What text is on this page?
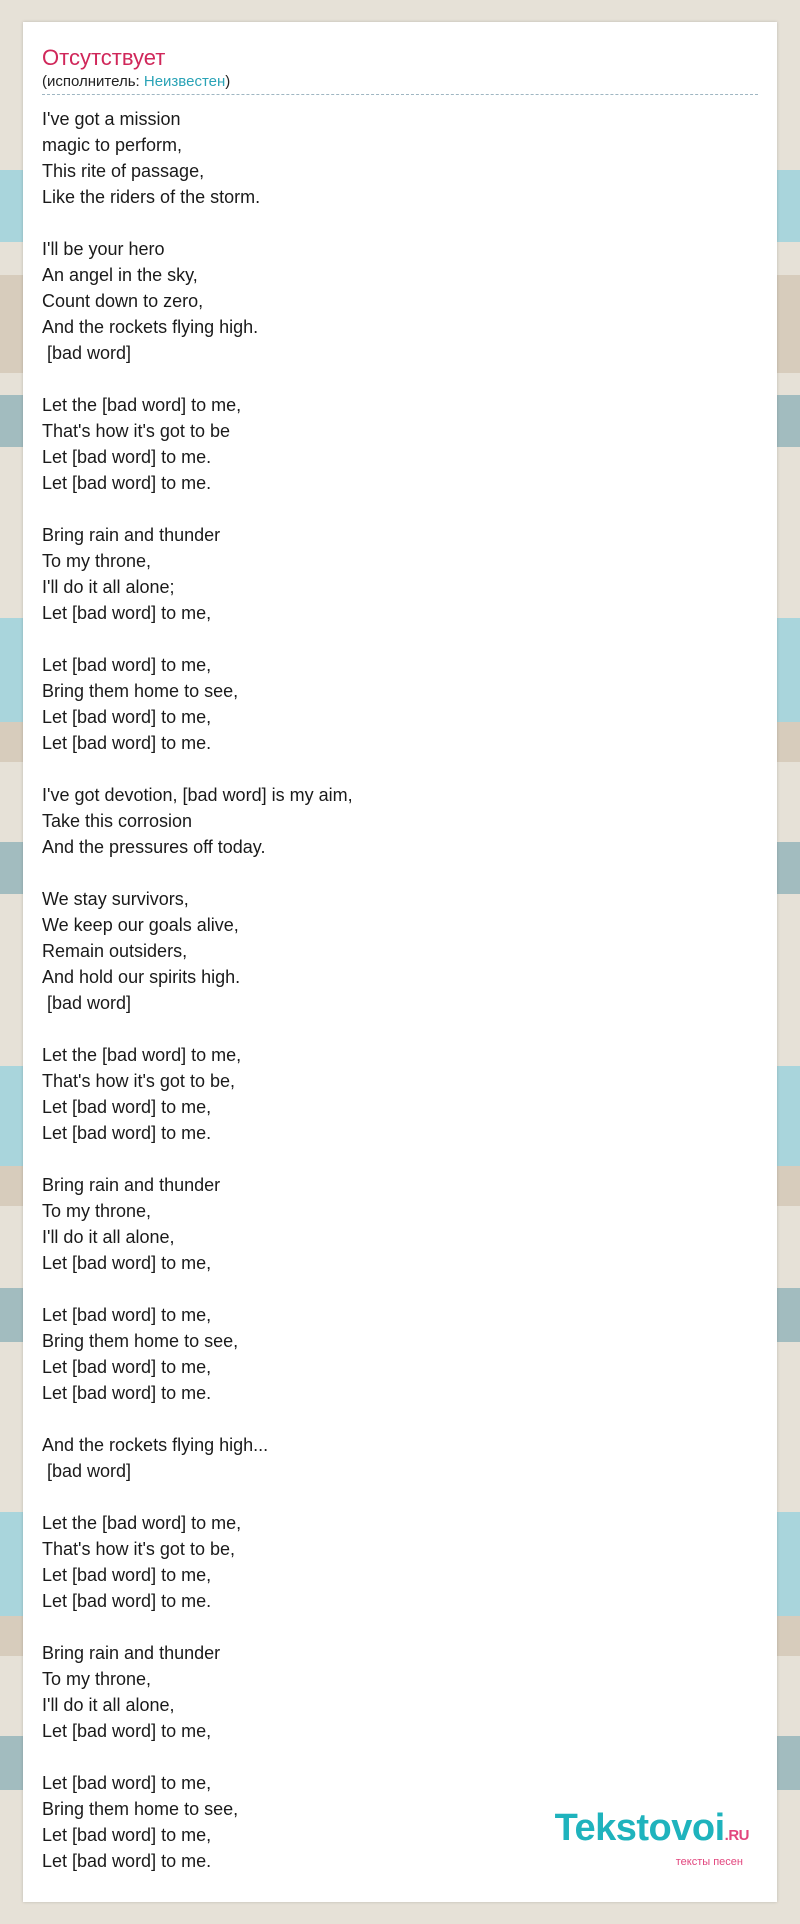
Отсутствует
(исполнитель: Неизвестен)
I've got a mission
magic to perform,
This rite of passage,
Like the riders of the storm.
I'll be your hero
An angel in the sky,
Count down to zero,
And the rockets flying high.
[bad word]
Let the [bad word] to me,
That's how it's got to be
Let [bad word] to me.
Let [bad word] to me.
Bring rain and thunder
To my throne,
I'll do it all alone;
Let [bad word] to me,
Let [bad word] to me,
Bring them home to see,
Let [bad word] to me,
Let [bad word] to me.
I've got devotion, [bad word] is my aim,
Take this corrosion
And the pressures off today.
We stay survivors,
We keep our goals alive,
Remain outsiders,
And hold our spirits high.
[bad word]
Let the [bad word] to me,
That's how it's got to be,
Let [bad word] to me,
Let [bad word] to me.
Bring rain and thunder
To my throne,
I'll do it all alone,
Let [bad word] to me,
Let [bad word] to me,
Bring them home to see,
Let [bad word] to me,
Let [bad word] to me.
And the rockets flying high...
[bad word]
Let the [bad word] to me,
That's how it's got to be,
Let [bad word] to me,
Let [bad word] to me.
Bring rain and thunder
To my throne,
I'll do it all alone,
Let [bad word] to me,
Let [bad word] to me,
Bring them home to see,
Let [bad word] to me,
Let [bad word] to me.
Tekstovoi.RU
тексты песен
